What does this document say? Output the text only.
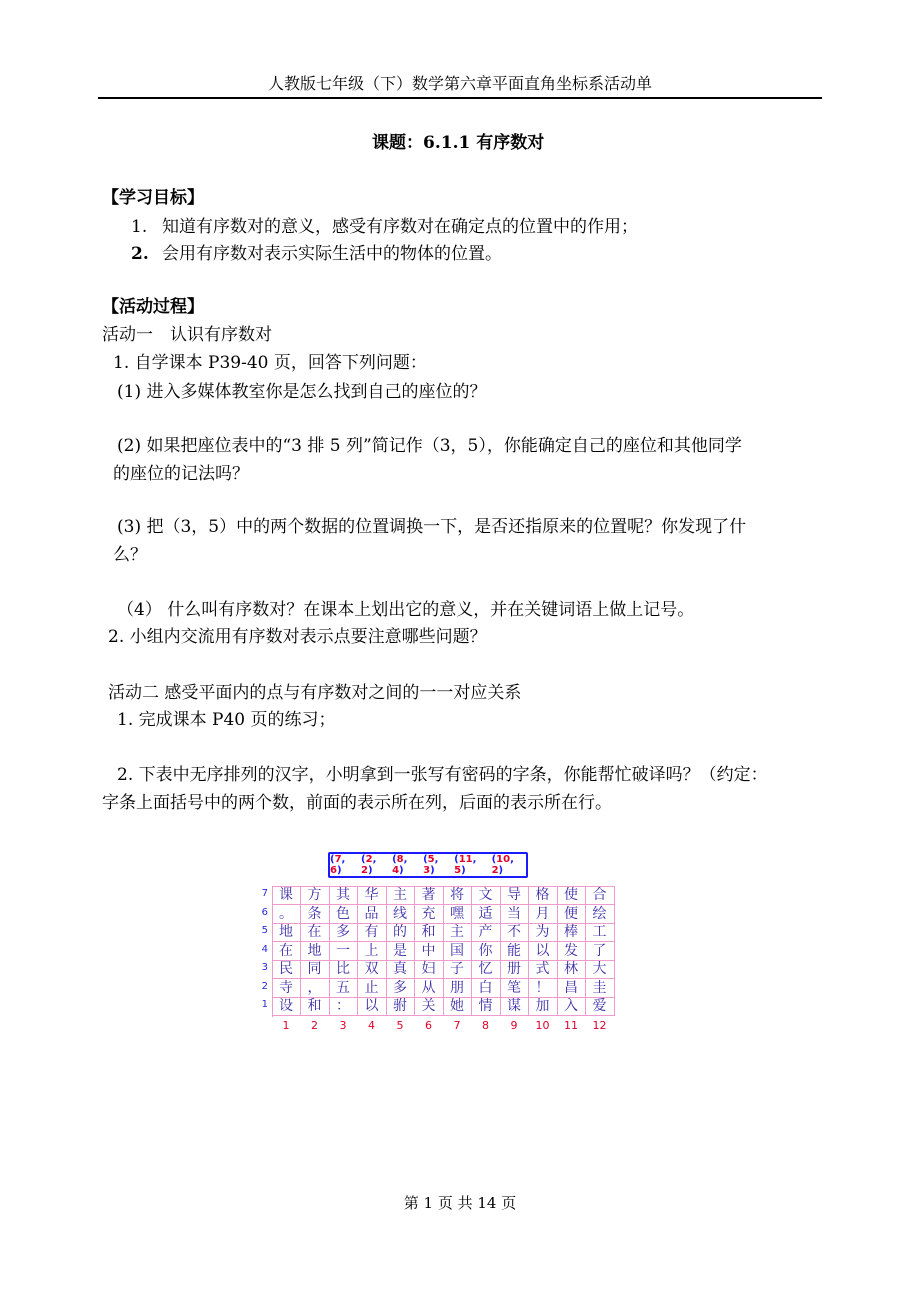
人教版七年级（下）数学第六章平面直角坐标系活动单
课题：6.1.1 有序数对
【学习目标】
1. 知道有序数对的意义，感受有序数对在确定点的位置中的作用；
2. 会用有序数对表示实际生活中的物体的位置。
【活动过程】
活动一　认识有序数对
1. 自学课本 P39-40 页，回答下列问题：
(1) 进入多媒体教室你是怎么找到自己的座位的？
(2) 如果把座位表中的“3 排 5 列”简记作（3，5），你能确定自己的座位和其他同学
的座位的记法吗？
(3) 把（3，5）中的两个数据的位置调换一下，是否还指原来的位置呢？你发现了什
么？
（4） 什么叫有序数对？在课本上划出它的意义，并在关键词语上做上记号。
2. 小组内交流用有序数对表示点要注意哪些问题？
活动二 感受平面内的点与有序数对之间的一一对应关系
1. 完成课本 P40 页的练习；
2. 下表中无序排列的汉字，小明拿到一张写有密码的字条，你能帮忙破译吗？（约定：
字条上面括号中的两个数，前面的表示所在列，后面的表示所在行。
(7, 6)
(2, 2)
(8, 4)
(5, 3)
(11, 5)
(10, 2)
7 课	方	其	华	主	著	将	文	导	格	使	合
6 。	条	色	品	线	充	嘿	适	当	月	便	绘
5 地	在	多	有	的	和	主	产	不	为	棒	工
4 在	地	一	上	是	中	国	你	能	以	发	了
3 民	同	比	双	真	妇	子	忆	册	式	林	大
2 寺	，	五	止	多	从	朋	白	笔	！	昌	圭
1 设	和	：	以	驸	关	她	情	谋	加	入	爱
1	2	3	4	5	6	7	8	9	10	11	12
第 1 页 共 14 页
